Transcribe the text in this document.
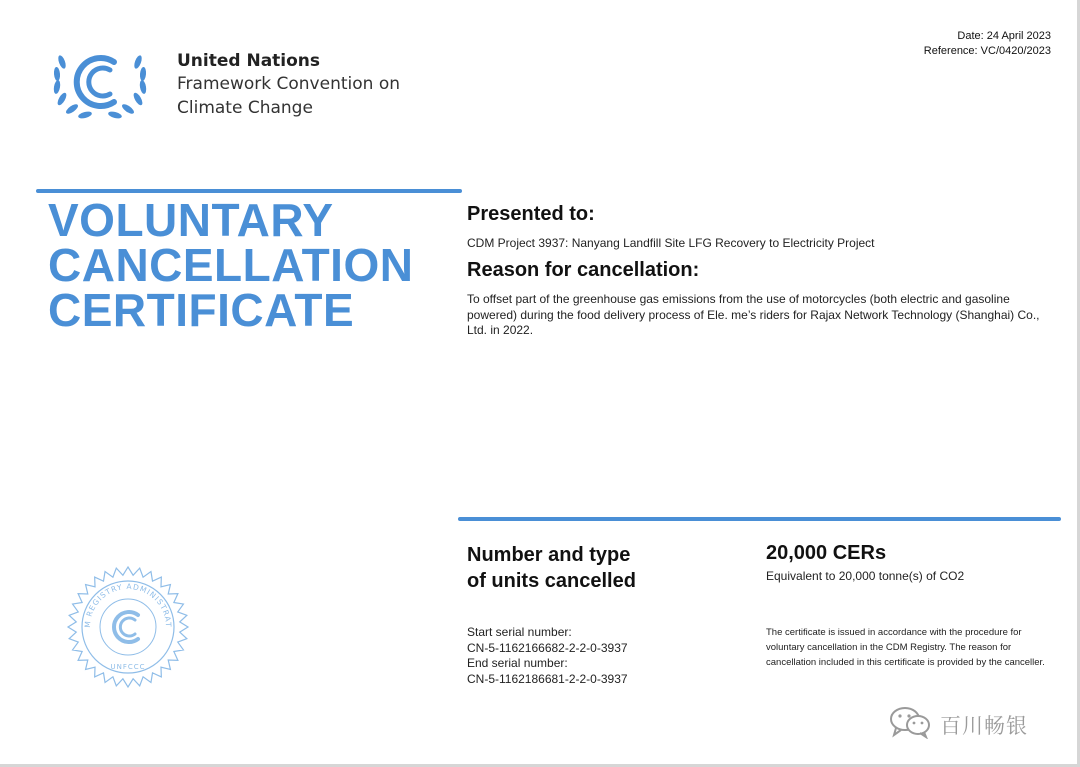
United Nations
Framework Convention on
Climate Change
Date: 24 April 2023
Reference: VC/0420/2023
VOLUNTARY
CANCELLATION
CERTIFICATE
Presented to:
CDM Project 3937: Nanyang Landfill Site LFG Recovery to Electricity Project
Reason for cancellation:
To offset part of the greenhouse gas emissions from the use of motorcycles (both electric and gasoline powered) during the food delivery process of Ele. me’s riders for Rajax Network Technology (Shanghai) Co., Ltd. in 2022.
Number and type
of units cancelled
20,000 CERs
Equivalent to 20,000 tonne(s) of CO2
Start serial number:
CN-5-1162166682-2-2-0-3937
End serial number:
CN-5-1162186681-2-2-0-3937
The certificate is issued in accordance with the procedure for voluntary cancellation in the CDM Registry. The reason for cancellation included in this certificate is provided by the canceller.
M REGISTRY ADMINISTRAT
UNFCCC
百川畅银
